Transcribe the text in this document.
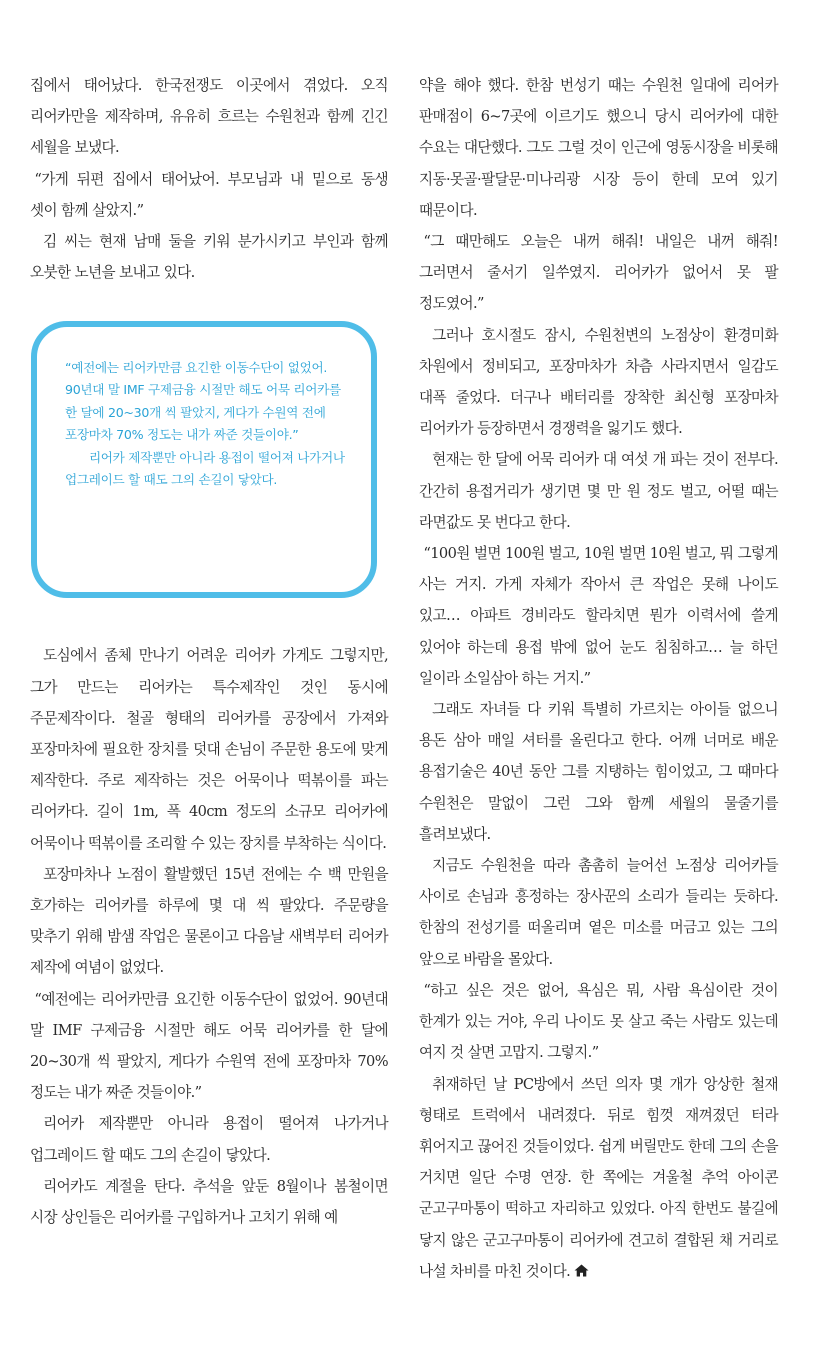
집에서 태어났다. 한국전쟁도 이곳에서 겪었다. 오직 리어카만을 제작하며, 유유히 흐르는 수원천과 함께 긴긴 세월을 보냈다.

“가게 뒤편 집에서 태어났어. 부모님과 내 밑으로 동생 셋이 함께 살았지.”

김 씨는 현재 남매 둘을 키워 분가시키고 부인과 함께 오붓한 노년을 보내고 있다.

도심에서 좀체 만나기 어려운 리어카 가게도 그렇지만, 그가 만드는 리어카는 특수제작인 것인 동시에 주문제작이다. 철골 형태의 리어카를 공장에서 가져와 포장마차에 필요한 장치를 덧대 손님이 주문한 용도에 맞게 제작한다. 주로 제작하는 것은 어묵이나 떡볶이를 파는 리어카다. 길이 1m, 폭 40cm 정도의 소규모 리어카에 어묵이나 떡볶이를 조리할 수 있는 장치를 부착하는 식이다.

포장마차나 노점이 활발했던 15년 전에는 수 백 만원을 호가하는 리어카를 하루에 몇 대 씩 팔았다. 주문량을 맞추기 위해 밤샘 작업은 물론이고 다음날 새벽부터 리어카 제작에 여념이 없었다.

“예전에는 리어카만큼 요긴한 이동수단이 없었어. 90년대 말 IMF 구제금융 시절만 해도 어묵 리어카를 한 달에 20~30개 씩 팔았지, 게다가 수원역 전에 포장마차 70% 정도는 내가 짜준 것들이야.”

리어카 제작뿐만 아니라 용접이 떨어져 나가거나 업그레이드 할 때도 그의 손길이 닿았다.

리어카도 계절을 탄다. 추석을 앞둔 8월이나 봄철이면 시장 상인들은 리어카를 구입하거나 고치기 위해 예

“예전에는 리어카만큼 요긴한 이동수단이 없었어. 90년대 말 IMF 구제금융 시절만 해도 어묵 리어카를 한 달에 20~30개 씩 팔았지, 게다가 수원역 전에 포장마차 70% 정도는 내가 짜준 것들이야.”

리어카 제작뿐만 아니라 용접이 떨어져 나가거나 업그레이드 할 때도 그의 손길이 닿았다.

약을 해야 했다. 한참 번성기 때는 수원천 일대에 리어카 판매점이 6~7곳에 이르기도 했으니 당시 리어카에 대한 수요는 대단했다. 그도 그럴 것이 인근에 영동시장을 비롯해 지동·못골·팔달문·미나리광 시장 등이 한데 모여 있기 때문이다.

“그 때만해도 오늘은 내꺼 해줘! 내일은 내꺼 해줘! 그러면서 줄서기 일쑤였지. 리어카가 없어서 못 팔 정도였어.”

그러나 호시절도 잠시, 수원천변의 노점상이 환경미화 차원에서 정비되고, 포장마차가 차츰 사라지면서 일감도 대폭 줄었다. 더구나 배터리를 장착한 최신형 포장마차 리어카가 등장하면서 경쟁력을 잃기도 했다.

현재는 한 달에 어묵 리어카 대 여섯 개 파는 것이 전부다. 간간히 용접거리가 생기면 몇 만 원 정도 벌고, 어떨 때는 라면값도 못 번다고 한다.

“100원 벌면 100원 벌고, 10원 벌면 10원 벌고, 뭐 그렇게 사는 거지. 가게 자체가 작아서 큰 작업은 못해 나이도 있고… 아파트 경비라도 할라치면 뭔가 이력서에 쓸게 있어야 하는데 용접 밖에 없어 눈도 침침하고… 늘 하던 일이라 소일삼아 하는 거지.”

그래도 자녀들 다 키워 특별히 가르치는 아이들 없으니 용돈 삼아 매일 셔터를 올린다고 한다. 어깨 너머로 배운 용접기술은 40년 동안 그를 지탱하는 힘이었고, 그 때마다 수원천은 말없이 그런 그와 함께 세월의 물줄기를 흘려보냈다.

지금도 수원천을 따라 촘촘히 늘어선 노점상 리어카들 사이로 손님과 흥정하는 장사꾼의 소리가 들리는 듯하다. 한참의 전성기를 떠올리며 옅은 미소를 머금고 있는 그의 앞으로 바람을 몰았다.

“하고 싶은 것은 없어, 욕심은 뭐, 사람 욕심이란 것이 한계가 있는 거야, 우리 나이도 못 살고 죽는 사람도 있는데 여지 것 살면 고맙지. 그렇지.”

취재하던 날 PC방에서 쓰던 의자 몇 개가 앙상한 철재 형태로 트럭에서 내려졌다. 뒤로 힘껏 재껴졌던 터라 휘어지고 끊어진 것들이었다. 쉽게 버릴만도 한데 그의 손을 거치면 일단 수명 연장. 한 쪽에는 겨울철 추억 아이콘 군고구마통이 떡하고 자리하고 있었다. 아직 한번도 불길에 닿지 않은 군고구마통이 리어카에 견고히 결합된 채 거리로 나설 차비를 마친 것이다.
